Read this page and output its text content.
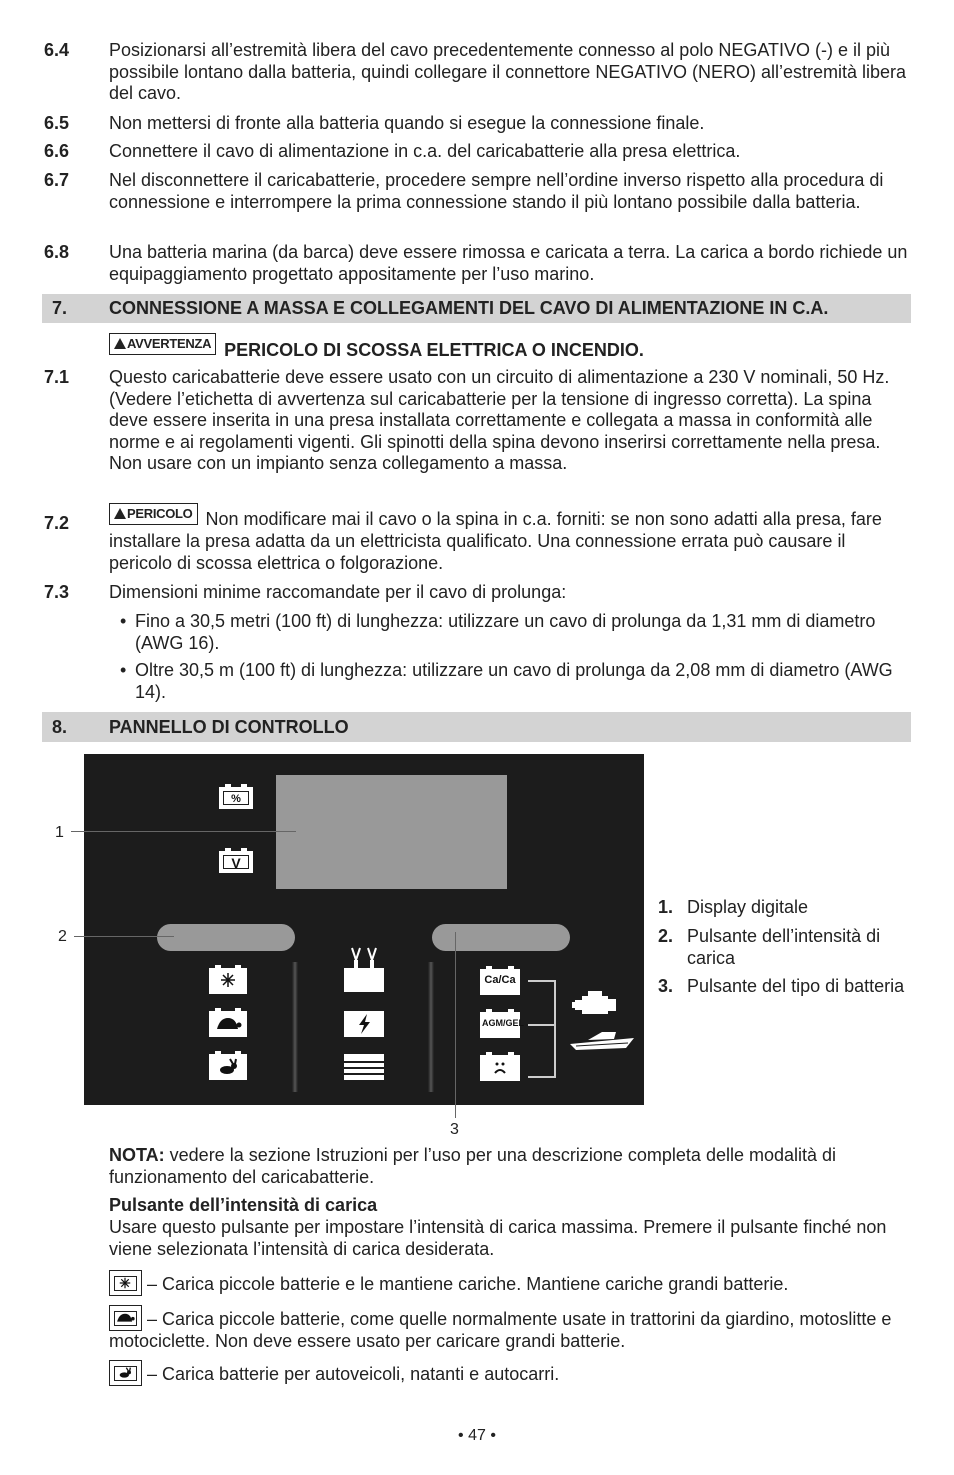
6.4 Posizionarsi all’estremità libera del cavo precedentemente connesso al polo NEGATIVO (-) e il più possibile lontano dalla batteria, quindi collegare il connettore NEGATIVO (NERO) all’estremità libera del cavo.
6.5 Non mettersi di fronte alla batteria quando si esegue la connessione finale.
6.6 Connettere il cavo di alimentazione in c.a. del caricabatterie alla presa elettrica.
6.7 Nel disconnettere il caricabatterie, procedere sempre nell’ordine inverso rispetto alla procedura di connessione e interrompere la prima connessione stando il più lontano possibile dalla batteria.
6.8 Una batteria marina (da barca) deve essere rimossa e caricata a terra. La carica a bordo richiede un equipaggiamento progettato appositamente per l’uso marino.
7. CONNESSIONE A MASSA E COLLEGAMENTI DEL CAVO DI ALIMENTAZIONE IN C.A.
AVVERTENZA PERICOLO DI SCOSSA ELETTRICA O INCENDIO.
7.1 Questo caricabatterie deve essere usato con un circuito di alimentazione a 230 V nominali, 50 Hz. (Vedere l’etichetta di avvertenza sul caricabatterie per la tensione di ingresso corretta). La spina deve essere inserita in una presa installata correttamente e collegata a massa in conformità alle norme e ai regolamenti vigenti. Gli spinotti della spina devono inserirsi correttamente nella presa. Non usare con un impianto senza collegamento a massa.
7.2	PERICOLO Non modificare mai il cavo o la spina in c.a. forniti: se non sono adatti alla presa, fare installare la presa adatta da un elettricista qualificato. Una connessione errata può causare il pericolo di scossa elettrica o folgorazione.
7.3 Dimensioni minime raccomandate per il cavo di prolunga:
• Fino a 30,5 metri (100 ft) di lunghezza: utilizzare un cavo di prolunga da 1,31 mm di diametro (AWG 16).
• Oltre 30,5 m (100 ft) di lunghezza: utilizzare un cavo di prolunga da 2,08 mm di diametro (AWG 14).
8. PANNELLO DI CONTROLLO
%
V
Ca/Ca
AGM/GEL
1
2
3
1. Display digitale
2. Pulsante dell’intensità di carica
3. Pulsante del tipo di batteria
NOTA: vedere la sezione Istruzioni per l’uso per una descrizione completa delle modalità di funzionamento del caricabatterie.
Pulsante dell’intensità di carica
Usare questo pulsante per impostare l’intensità di carica massima. Premere il pulsante finché non viene selezionata l’intensità di carica desiderata.
– Carica piccole batterie e le mantiene cariche. Mantiene cariche grandi batterie.
– Carica piccole batterie, come quelle normalmente usate in trattorini da giardino, motoslitte e motociclette. Non deve essere usato per caricare grandi batterie.
– Carica batterie per autoveicoli, natanti e autocarri.
• 47 •
